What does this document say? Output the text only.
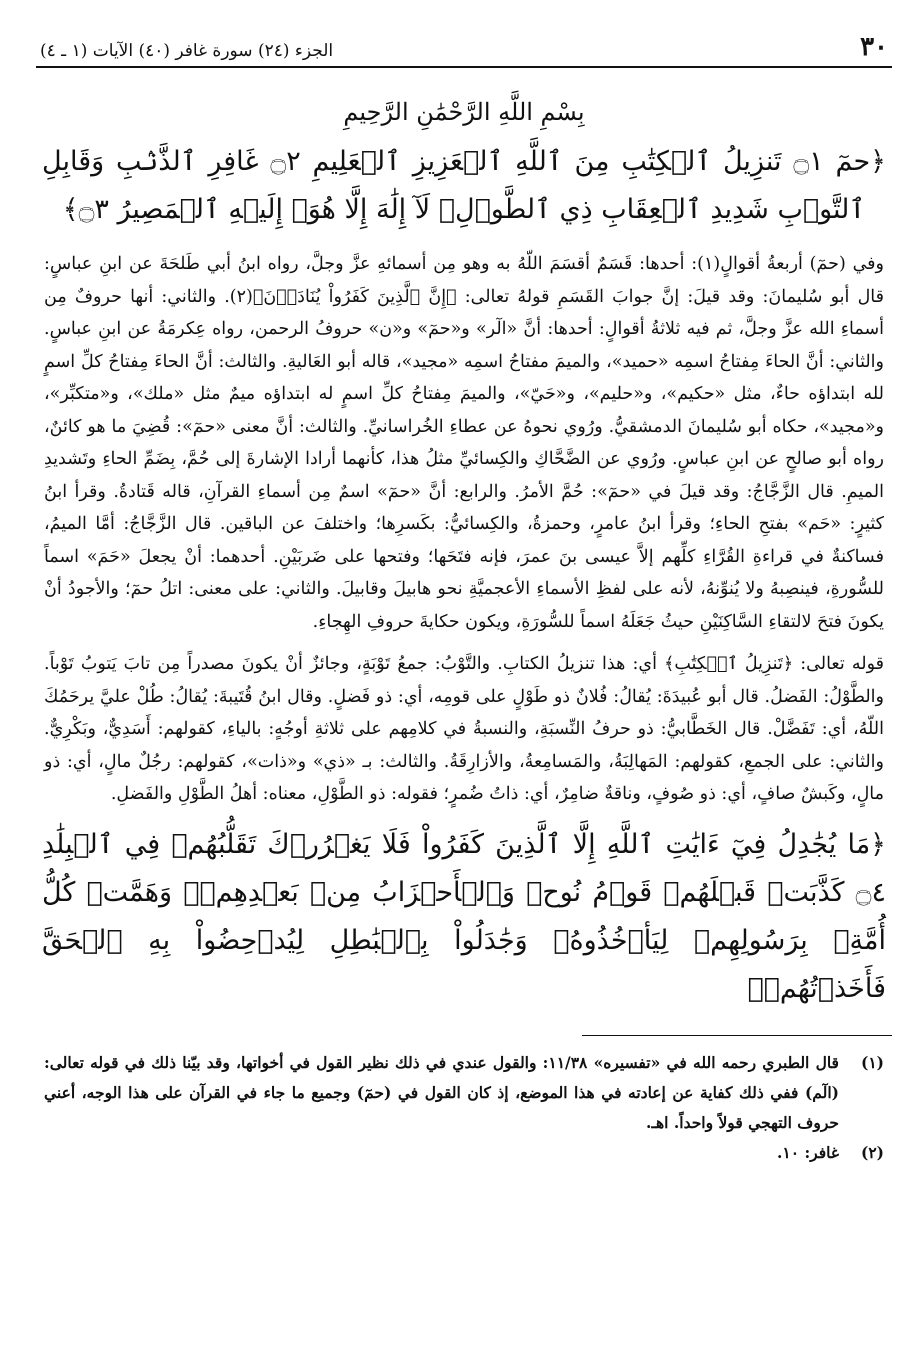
٣٠
الجزء (٢٤) سورة غافر (٤٠) الآيات (١ ـ ٤)
بِسْمِ اللَّهِ الرَّحْمَٰنِ الرَّحِيمِ
﴿حمٓ ۝١ تَنزِيلُ ٱلۡكِتَٰبِ مِنَ ٱللَّهِ ٱلۡعَزِيزِ ٱلۡعَلِيمِ ۝٢ غَافِرِ ٱلذَّنۢبِ وَقَابِلِ ٱلتَّوۡبِ شَدِيدِ ٱلۡعِقَابِ ذِي ٱلطَّوۡلِۖ لَآ إِلَٰهَ إِلَّا هُوَۖ إِلَيۡهِ ٱلۡمَصِيرُ ۝٣﴾

وفي (حمٓ) أربعةُ أقوالٍ(١): أحدها: قَسَمٌ أقسَمَ اللّهُ به وهو مِن أسمائهِ عزَّ وجلَّ، رواه ابنُ أبي طَلحَةَ عن ابنِ عباسٍ: قال أبو سُليمانَ: وقد قيلَ: إنَّ جوابَ القَسَمِ قولهُ تعالى: ﴿إِنَّ ٱلَّذِينَ كَفَرُواْ يُنَادَوۡنَ﴾(٢). والثاني: أنها حروفٌ مِن أسماءِ الله عزَّ وجلَّ، ثم فيه ثلاثةُ أقوالٍ: أحدها: أنَّ «الٓر» و«حمٓ» و«ن» حروفُ الرحمن، رواه عِكرمَةُ عن ابنِ عباسٍ. والثاني: أنَّ الحاءَ مِفتاحُ اسمِه «حميد»، والميمَ مفتاحُ اسمِه «مجيد»، قاله أبو العَاليةِ. والثالث: أنَّ الحاءَ مِفتاحُ كلِّ اسمٍ لله ابتداؤه حاءٌ، مثل «حكيم»، و«حليم»، و«حَيّ»، والميمَ مِفتاحُ كلِّ اسمٍ له ابتداؤه ميمٌ مثل «ملك»، و«متكبِّر»، و«مجيد»، حكاه أبو سُليمانَ الدمشقيُّ. ورُوي نحوهُ عن عطاءِ الخُراسانيِّ. والثالث: أنَّ معنى «حمٓ»: قُضِيَ ما هو كائنٌ، رواه أبو صالحٍ عن ابنِ عباسٍ. ورُوي عن الضَّحَّاكِ والكِسائيِّ مثلُ هذا، كأنهما أرادا الإشارةَ إلى حُمَّ، بِضَمِّ الحاءِ وتَشديدِ الميمِ. قال الزَّجَّاجُ: وقد قيلَ في «حمٓ»: حُمَّ الأمرُ. والرابع: أنَّ «حمٓ» اسمٌ مِن أسماءِ القرآنِ، قاله قَتادةُ. وقرأ ابنُ كثيرٍ: «حَم» بفتحِ الحاءِ؛ وقرأ ابنُ عامرٍ، وحمزةُ، والكِسائيُّ: بكَسرِها؛ واختلفَ عن الباقين. قال الزَّجَّاجُ: أمَّا الميمُ، فساكنةٌ في قراءةِ القُرَّاءِ كلِّهم إلاَّ عيسى بنَ عمرَ، فإنه فتَحَها؛ وفتحها على ضَربَيْنِ. أحدهما: أنْ يجعلَ «حَمَ» اسماً للسُّورةِ، فينصِبهُ ولا يُنوِّنهُ، لأنه على لفظِ الأسماءِ الأعجميَّةِ نحو هابيلَ وقابيلَ. والثاني: على معنى: اتلُ حمٓ؛ والأجودُ أنْ يكونَ فتحَ لالتقاءِ السَّاكِنَيْنِ حيثُ جَعَلَهُ اسماً للسُّورَةِ، ويكون حكايةَ حروفِ الهِجاءِ.

قوله تعالى: ﴿تَنزِيلُ ٱلۡكِتَٰبِ﴾ أي: هذا تنزيلُ الكتابِ. والتَّوْبُ: جمعُ تَوْبَةٍ، وجائزٌ أنْ يكونَ مصدراً مِن تابَ يَتوبُ تَوْباً. والطَّوْلُ: الفَضلُ. قال أبو عُبيدَةَ: يُقالُ: فُلانٌ ذو طَوْلٍ على قومِه، أي: ذو فَضلٍ. وقال ابنُ قُتَيبةَ: يُقالُ: طُلْ عليَّ يرحَمُكَ اللّهُ، أي: تَفَضَّلْ. قال الخَطَّابيُّ: ذو حرفُ النِّسبَةِ، والنسبةُ في كلامِهم على ثلاثةِ أوجُهٍ: بالياءِ، كقولهم: أَسَدِيٌّ، وبَكْرِيٌّ. والثاني: على الجمعِ، كقولهم: المَهالِبَةُ، والمَسامِعةُ، والأزارِقَةُ. والثالث: بـ «ذي» و«ذات»، كقولهم: رجُلٌ مالٍ، أي: ذو مالٍ، وكَبشٌ صافٍ، أي: ذو صُوفٍ، وناقةٌ ضامِرٌ، أي: ذاتُ ضُمرٍ؛ فقوله: ذو الطَّوْلِ، معناه: أهلُ الطَّوْلِ والفَضلِ.

﴿مَا يُجَٰدِلُ فِيٓ ءَايَٰتِ ٱللَّهِ إِلَّا ٱلَّذِينَ كَفَرُواْ فَلَا يَغۡرُرۡكَ تَقَلُّبُهُمۡ فِي ٱلۡبِلَٰدِ ۝٤ كَذَّبَتۡ قَبۡلَهُمۡ قَوۡمُ نُوحٖ وَٱلۡأَحۡزَابُ مِنۢ بَعۡدِهِمۡۖ وَهَمَّتۡ كُلُّ أُمَّةِۭ بِرَسُولِهِمۡ لِيَأۡخُذُوهُۖ وَجَٰدَلُواْ بِٱلۡبَٰطِلِ لِيُدۡحِضُواْ بِهِ ٱلۡحَقَّ فَأَخَذۡتُهُمۡۖ
(١)
قال الطبري رحمه الله في «تفسيره» ١١/٣٨: والقول عندي في ذلك نظير القول في أخواتها، وقد بيّنا ذلك في قوله تعالى: (الٓم) ففي ذلك كفاية عن إعادته في هذا الموضع، إذ كان القول في (حمٓ) وجميع ما جاء في القرآن على هذا الوجه، أعني حروف التهجي قولاً واحداً. اهـ.
(٢)
غافر: ١٠.
